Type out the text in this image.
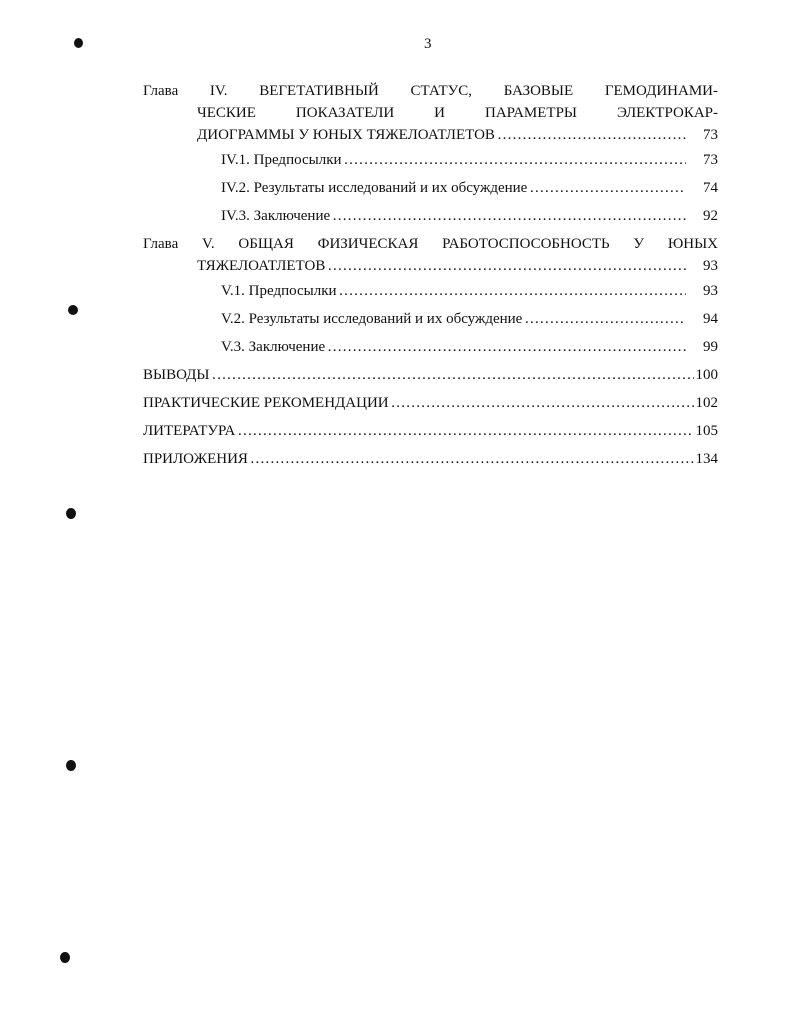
3
Глава IV. ВЕГЕТАТИВНЫЙ СТАТУС, БАЗОВЫЕ ГЕМОДИНАМИ-
ЧЕСКИЕ ПОКАЗАТЕЛИ И ПАРАМЕТРЫ ЭЛЕКТРОКАР-
ДИОГРАММЫ У ЮНЫХ ТЯЖЕЛОАТЛЕТОВ ………………………………………………………………………………………………………………………………	73
IV.1. Предпосылки ………………………………………………………………………………………………………………………………	73
IV.2. Результаты исследований и их обсуждение ………………………………………………………………………………………………………………………………	74
IV.3. Заключение ………………………………………………………………………………………………………………………………	92
Глава V. ОБЩАЯ ФИЗИЧЕСКАЯ РАБОТОСПОСОБНОСТЬ У ЮНЫХ
ТЯЖЕЛОАТЛЕТОВ ………………………………………………………………………………………………………………………………	93
V.1. Предпосылки ………………………………………………………………………………………………………………………………	93
V.2. Результаты исследований и их обсуждение ………………………………………………………………………………………………………………………………	94
V.3. Заключение ………………………………………………………………………………………………………………………………	99
ВЫВОДЫ ………………………………………………………………………………………………………………………………	100
ПРАКТИЧЕСКИЕ РЕКОМЕНДАЦИИ ………………………………………………………………………………………………………………………………	102
ЛИТЕРАТУРА ………………………………………………………………………………………………………………………………	105
ПРИЛОЖЕНИЯ ………………………………………………………………………………………………………………………………	134
